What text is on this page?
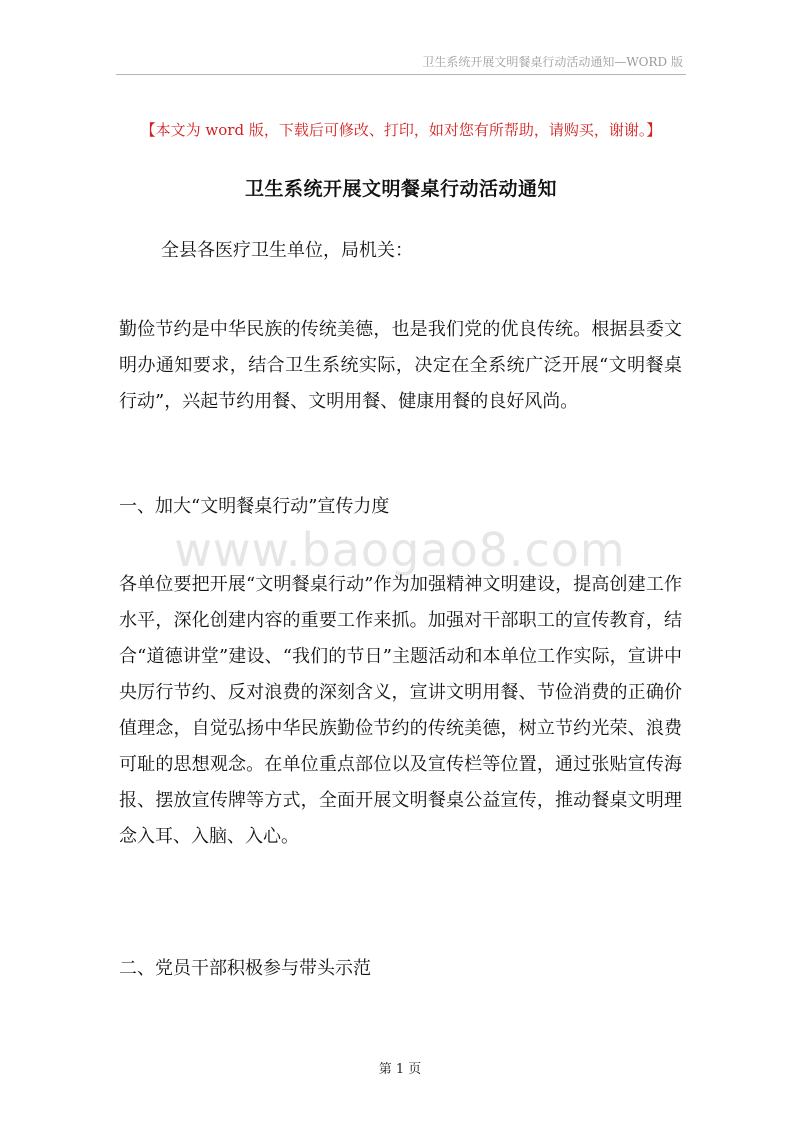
卫生系统开展文明餐桌行动活动通知—WORD 版
【本文为 word 版，下载后可修改、打印，如对您有所帮助，请购买，谢谢。】
卫生系统开展文明餐桌行动活动通知
全县各医疗卫生单位，局机关：

勤俭节约是中华民族的传统美德，也是我们党的优良传统。根据县委文明办通知要求，结合卫生系统实际，决定在全系统广泛开展“文明餐桌行动”，兴起节约用餐、文明用餐、健康用餐的良好风尚。

一、加大“文明餐桌行动”宣传力度
www.baogao8.com

各单位要把开展“文明餐桌行动”作为加强精神文明建设，提高创建工作水平，深化创建内容的重要工作来抓。加强对干部职工的宣传教育，结合“道德讲堂”建设、“我们的节日”主题活动和本单位工作实际，宣讲中央厉行节约、反对浪费的深刻含义，宣讲文明用餐、节俭消费的正确价值理念，自觉弘扬中华民族勤俭节约的传统美德，树立节约光荣、浪费可耻的思想观念。在单位重点部位以及宣传栏等位置，通过张贴宣传海报、摆放宣传牌等方式，全面开展文明餐桌公益宣传，推动餐桌文明理念入耳、入脑、入心。

二、党员干部积极参与带头示范
第 1 页
